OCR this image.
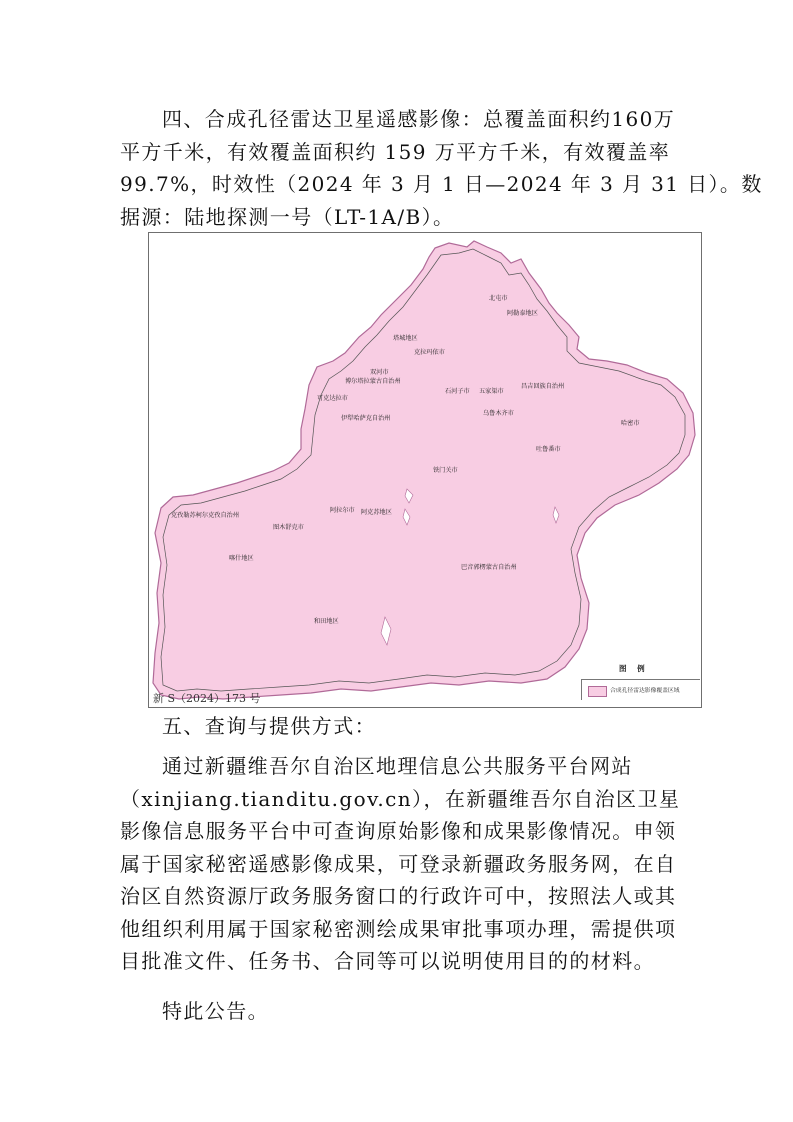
四、合成孔径雷达卫星遥感影像：总覆盖面积约160万
平方千米，有效覆盖面积约 159 万平方千米，有效覆盖率
99.7%，时效性（2024 年 3 月 1 日—2024 年 3 月 31 日）。数
据源：陆地探测一号（LT-1A/B）。
北屯市
阿勒泰地区
塔城地区
克拉玛依市
双河市
博尔塔拉蒙古自治州
可克达拉市
伊犁哈萨克自治州
石河子市 五家渠市
昌吉回族自治州
乌鲁木齐市
哈密市
吐鲁番市
铁门关市
克孜勒苏柯尔克孜自治州
阿拉尔市 阿克苏地区
图木舒克市
喀什地区
巴音郭楞蒙古自治州
和田地区
图 例
合成孔径雷达影像覆盖区域
新 S（2024）173 号
五、查询与提供方式：
通过新疆维吾尔自治区地理信息公共服务平台网站
（xinjiang.tianditu.gov.cn），在新疆维吾尔自治区卫星
影像信息服务平台中可查询原始影像和成果影像情况。申领
属于国家秘密遥感影像成果，可登录新疆政务服务网，在自
治区自然资源厅政务服务窗口的行政许可中，按照法人或其
他组织利用属于国家秘密测绘成果审批事项办理，需提供项
目批准文件、任务书、合同等可以说明使用目的的材料。
特此公告。
